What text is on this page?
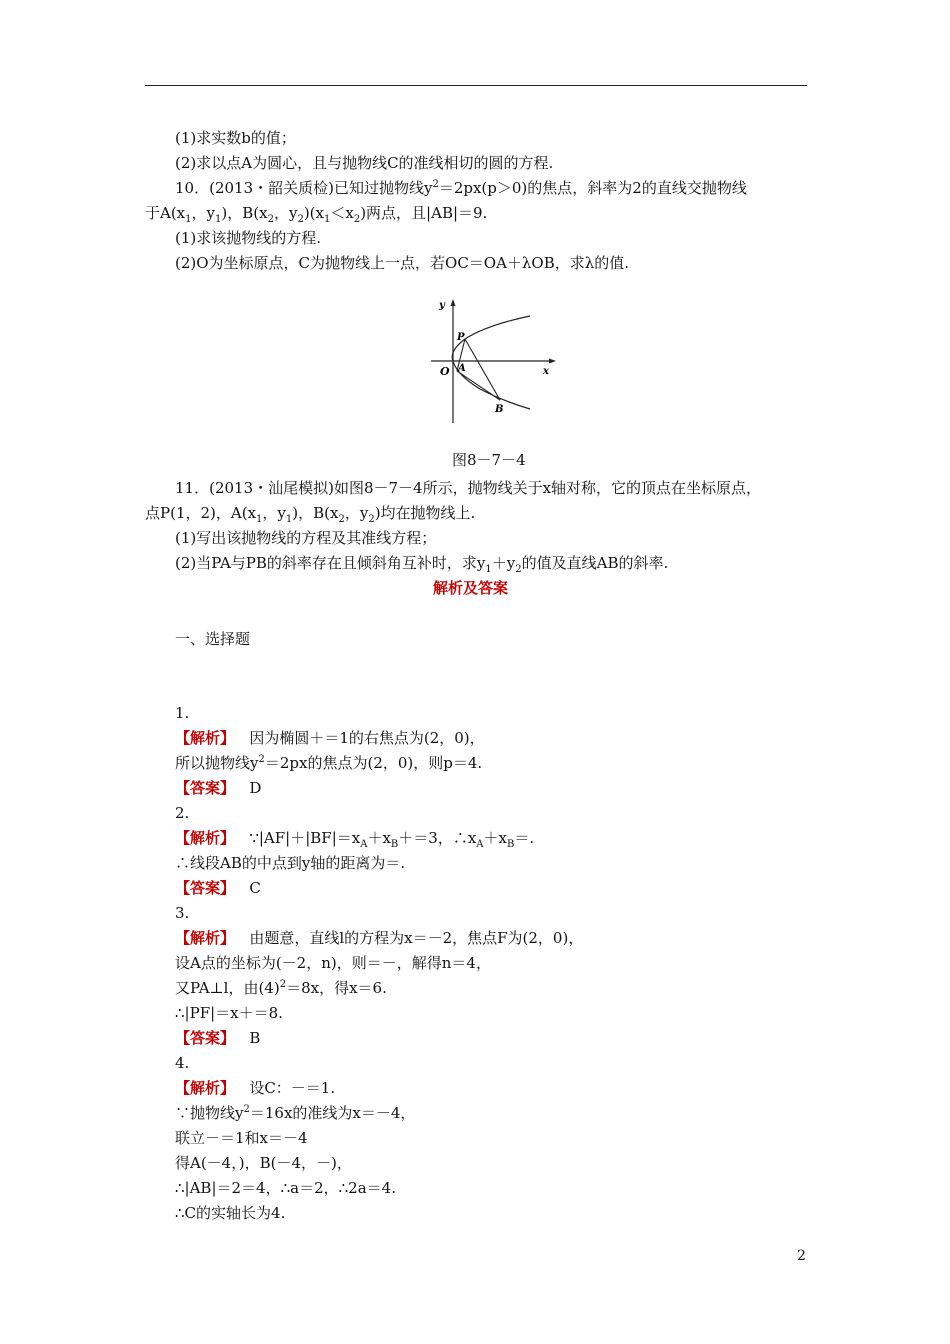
(1)求实数b的值；
(2)求以点A为圆心，且与抛物线C的准线相切的圆的方程.
10．(2013・韶关质检)已知过抛物线$y^2=2px(p>0)$的焦点，斜率为2的直线交抛物线
于$A(x_1$，$y_1$)，$B(x_2$，$y_2)(x_1<x_2)$两点，且|AB|＝9.
(1)求该抛物线的方程.
(2)O为坐标原点，C为抛物线上一点，若OC＝OA＋λOB，求λ的值.
y
x
O
P
A
B
图8－7－4
11．(2013・汕尾模拟)如图8－7－4所示，抛物线关于x轴对称，它的顶点在坐标原点，
点P(1，2)，$A(x_1$，$y_1$)，$B(x_2$，$y_2$)均在抛物线上.
(1)写出该抛物线的方程及其准线方程；
(2)当PA与PB的斜率存在且倾斜角互补时，求$y_1+y_2$的值及直线AB的斜率.
解析及答案
一、选择题
1.
【解析】 因为椭圆＋＝1的右焦点为(2，0)，
所以抛物线$y^2=2px$的焦点为(2，0)，则p＝4.
【答案】 D
2.
【解析】 $\because|AF|+|BF|=x_A+x_B+=3$，$\therefore x_A+x_B=$.
∴线段AB的中点到y轴的距离为＝.
【答案】 C
3.
【解析】 由题意，直线l的方程为x＝－2，焦点F为(2，0)，
设A点的坐标为(－2，n)，则＝－，解得n＝4，
又PA⊥l，由$(4)^2=8x$，得x＝6.
∴|PF|＝x＋＝8.
【答案】 B
4.
【解析】 设C：－＝1.
∵抛物线$y^2=16x$的准线为x＝－4，
联立－＝1和x＝－4
得A(－4，)，B(－4，－)，
∴|AB|＝2＝4，∴a＝2，∴2a＝4.
∴C的实轴长为4.
2
